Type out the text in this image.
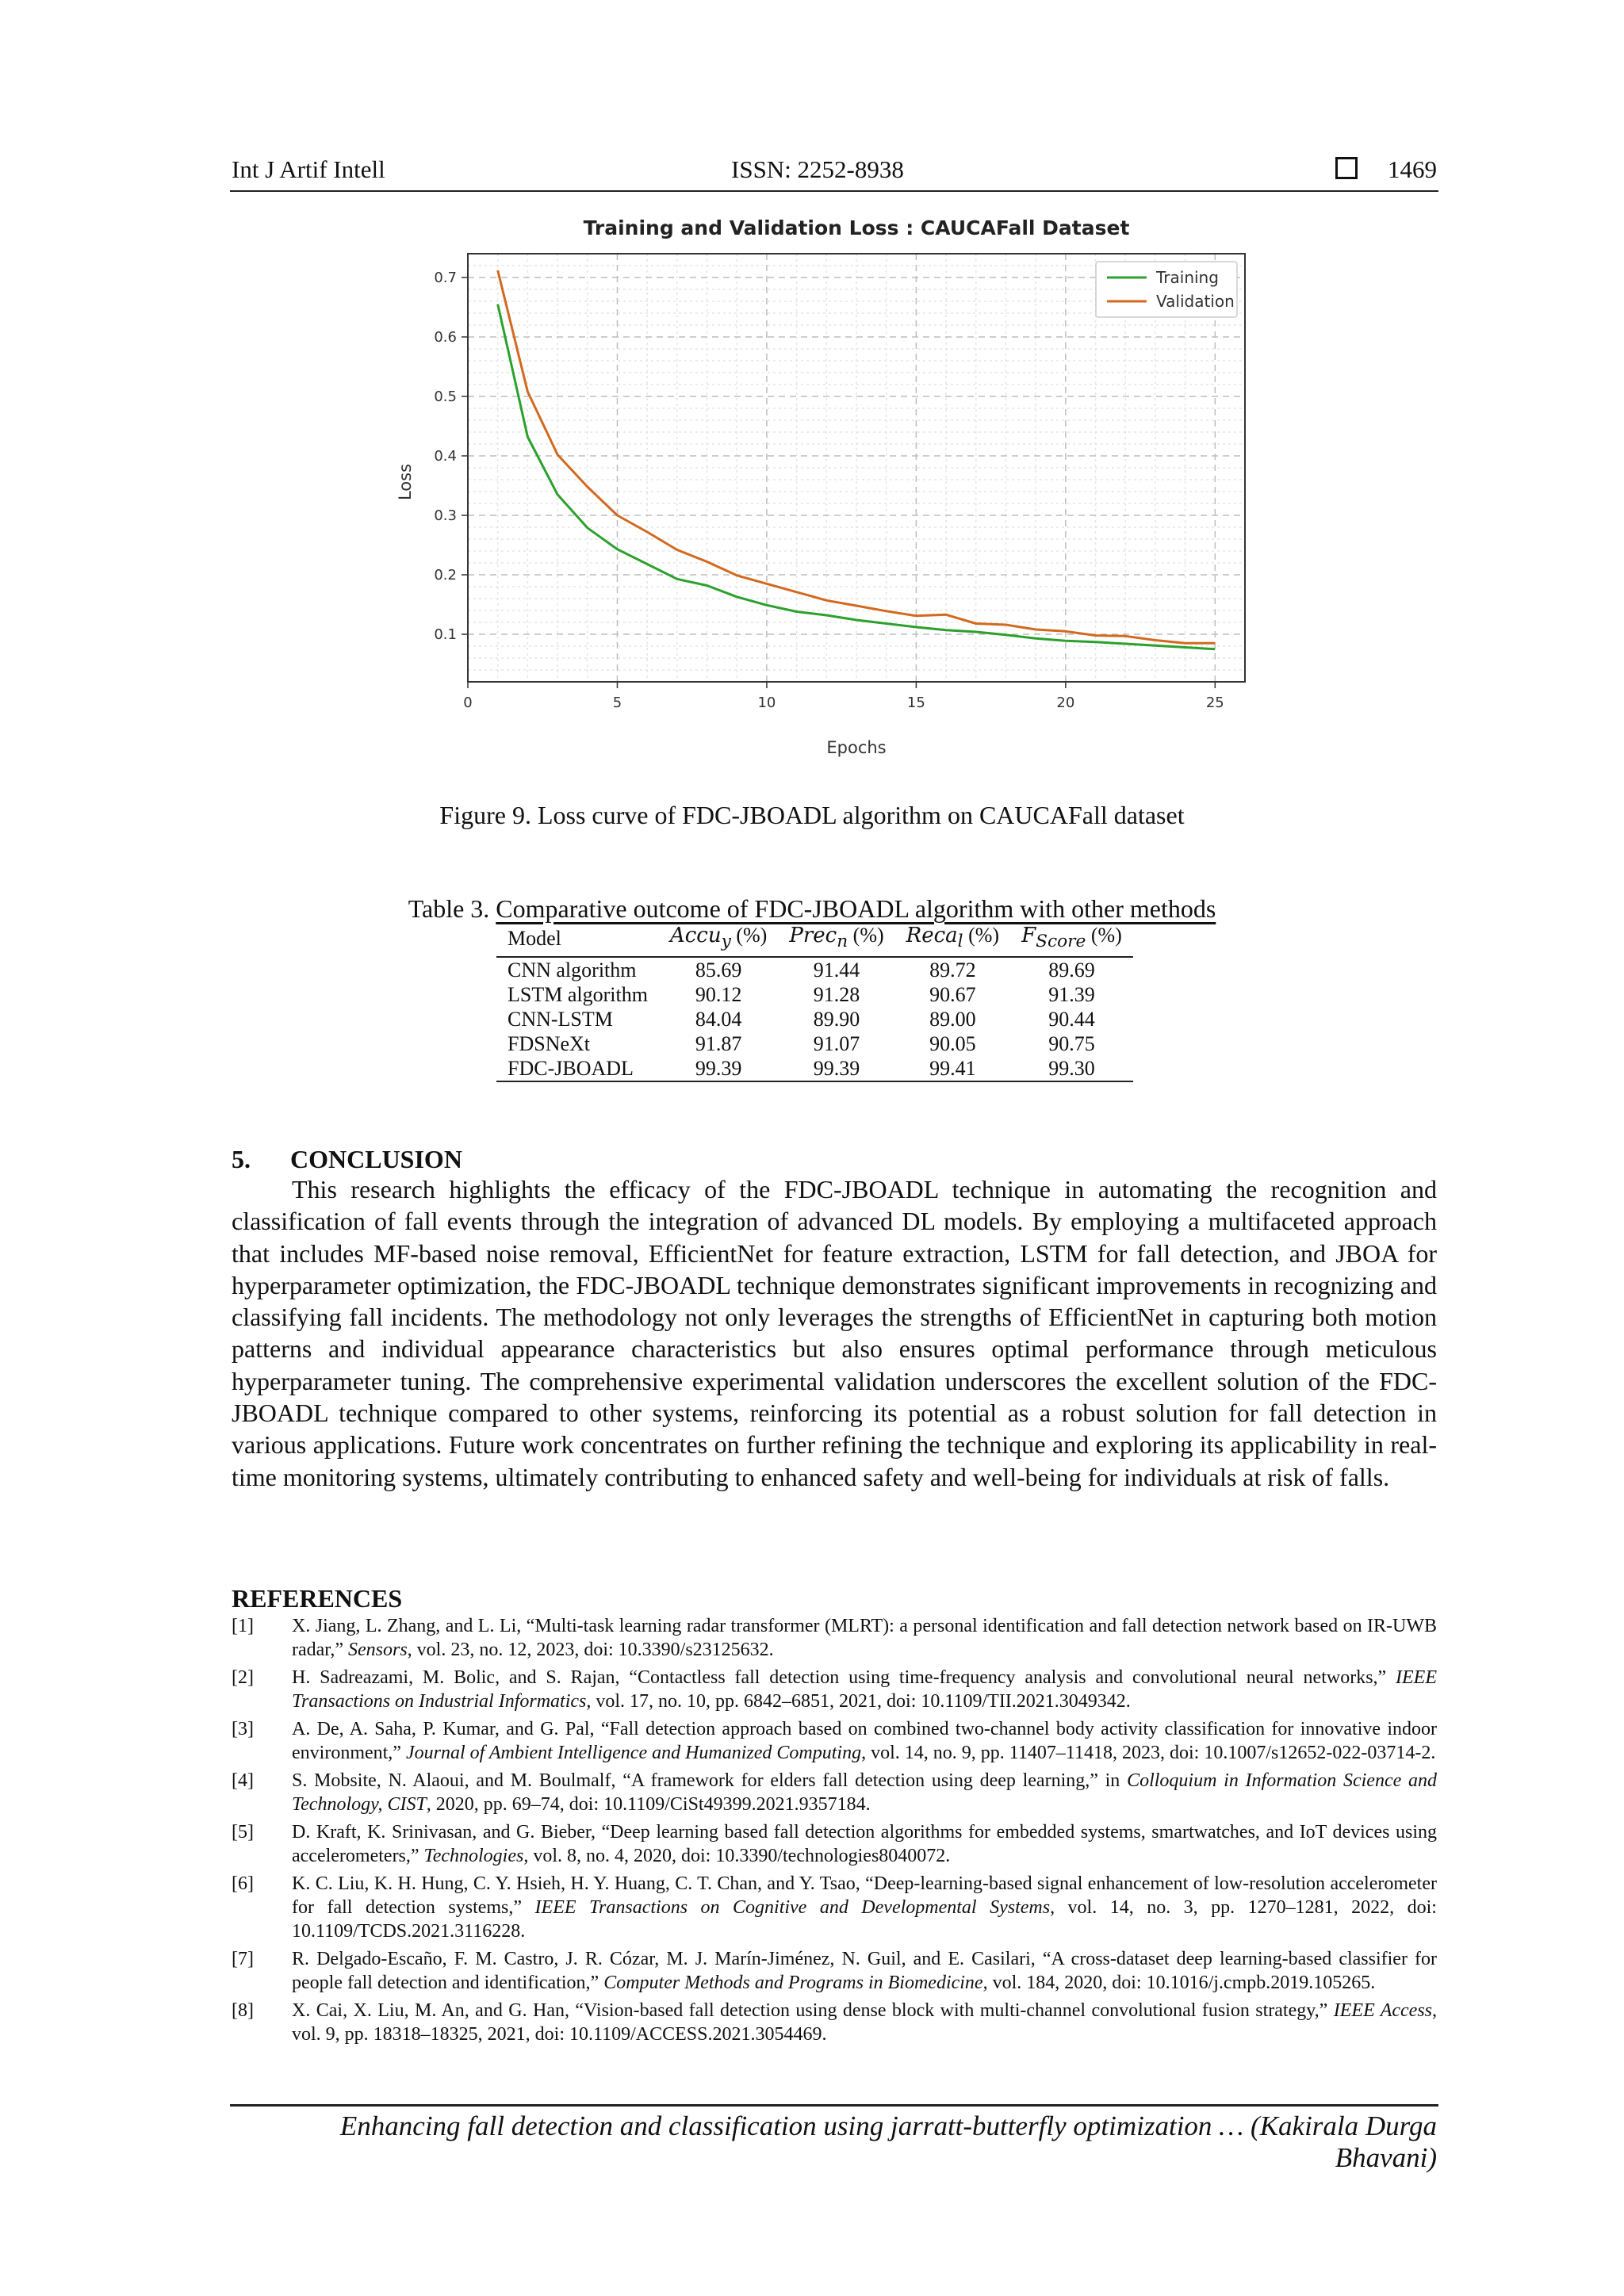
Int J Artif Intell	ISSN: 2252-8938	1469
Training and Validation Loss : CAUCAFall Dataset
0	5	10	15	20	25
0.1
0.2
0.3
0.4
0.5
0.6
0.7
Epochs
Loss
Training
Validation
Figure 9. Loss curve of FDC-JBOADL algorithm on CAUCAFall dataset
Table 3. Comparative outcome of FDC-JBOADL algorithm with other methods
Model	Accu$_y$ (%)	Prec$_n$ (%)	Reca$_l$ (%)	$F_{Score}$ (%)
CNN algorithm	85.69	91.44	89.72	89.69
LSTM algorithm	90.12	91.28	90.67	91.39
CNN-LSTM	84.04	89.90	89.00	90.44
FDSNeXt	91.87	91.07	90.05	90.75
FDC-JBOADL	99.39	99.39	99.41	99.30
5. CONCLUSION

This research highlights the efficacy of the FDC-JBOADL technique in automating the recognition and classification of fall events through the integration of advanced DL models. By employing a multifaceted approach that includes MF-based noise removal, EfficientNet for feature extraction, LSTM for fall detection, and JBOA for hyperparameter optimization, the FDC-JBOADL technique demonstrates significant improvements in recognizing and classifying fall incidents. The methodology not only leverages the strengths of EfficientNet in capturing both motion patterns and individual appearance characteristics but also ensures optimal performance through meticulous hyperparameter tuning. The comprehensive experimental validation underscores the excellent solution of the FDC-JBOADL technique compared to other systems, reinforcing its potential as a robust solution for fall detection in various applications. Future work concentrates on further refining the technique and exploring its applicability in real-time monitoring systems, ultimately contributing to enhanced safety and well-being for individuals at risk of falls.

REFERENCES
[1] X. Jiang, L. Zhang, and L. Li, “Multi-task learning radar transformer (MLRT): a personal identification and fall detection network based on IR-UWB radar,” Sensors, vol. 23, no. 12, 2023, doi: 10.3390/s23125632.
[2] H. Sadreazami, M. Bolic, and S. Rajan, “Contactless fall detection using time-frequency analysis and convolutional neural networks,” IEEE Transactions on Industrial Informatics, vol. 17, no. 10, pp. 6842–6851, 2021, doi: 10.1109/TII.2021.3049342.
[3] A. De, A. Saha, P. Kumar, and G. Pal, “Fall detection approach based on combined two-channel body activity classification for innovative indoor environment,” Journal of Ambient Intelligence and Humanized Computing, vol. 14, no. 9, pp. 11407–11418, 2023, doi: 10.1007/s12652-022-03714-2.
[4] S. Mobsite, N. Alaoui, and M. Boulmalf, “A framework for elders fall detection using deep learning,” in Colloquium in Information Science and Technology, CIST, 2020, pp. 69–74, doi: 10.1109/CiSt49399.2021.9357184.
[5] D. Kraft, K. Srinivasan, and G. Bieber, “Deep learning based fall detection algorithms for embedded systems, smartwatches, and IoT devices using accelerometers,” Technologies, vol. 8, no. 4, 2020, doi: 10.3390/technologies8040072.
[6] K. C. Liu, K. H. Hung, C. Y. Hsieh, H. Y. Huang, C. T. Chan, and Y. Tsao, “Deep-learning-based signal enhancement of low-resolution accelerometer for fall detection systems,” IEEE Transactions on Cognitive and Developmental Systems, vol. 14, no. 3, pp. 1270–1281, 2022, doi: 10.1109/TCDS.2021.3116228.
[7] R. Delgado-Escaño, F. M. Castro, J. R. Cózar, M. J. Marín-Jiménez, N. Guil, and E. Casilari, “A cross-dataset deep learning-based classifier for people fall detection and identification,” Computer Methods and Programs in Biomedicine, vol. 184, 2020, doi: 10.1016/j.cmpb.2019.105265.
[8] X. Cai, X. Liu, M. An, and G. Han, “Vision-based fall detection using dense block with multi-channel convolutional fusion strategy,” IEEE Access, vol. 9, pp. 18318–18325, 2021, doi: 10.1109/ACCESS.2021.3054469.
Enhancing fall detection and classification using jarratt-butterfly optimization … (Kakirala Durga Bhavani)
